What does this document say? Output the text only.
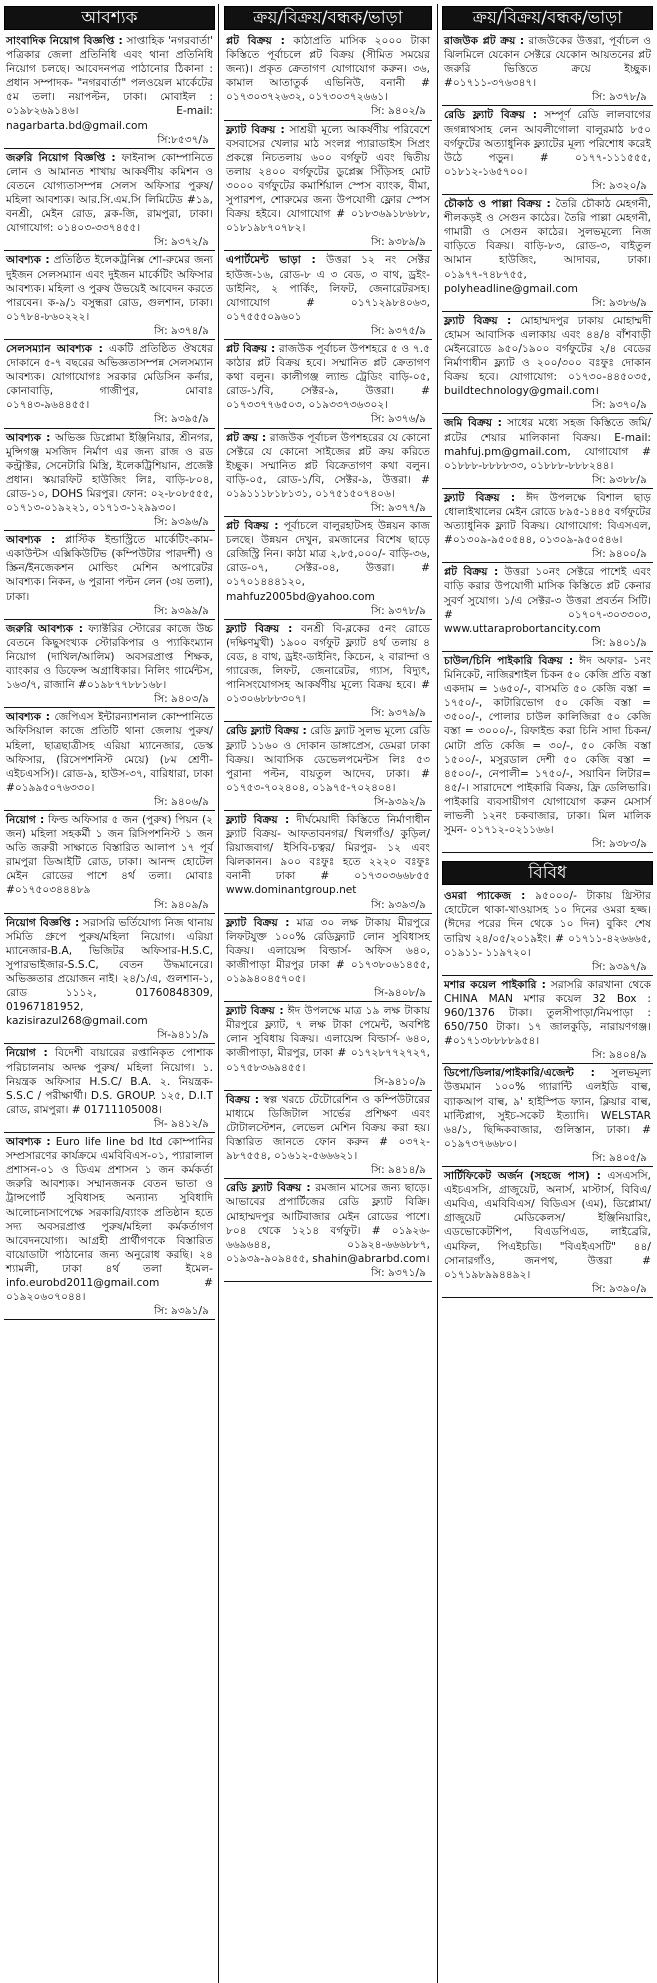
আবশ্যক
সাংবাদিক নিয়োগ বিজ্ঞপ্তি : সাপ্তাহিক 'নগরবার্তা' পত্রিকার জেলা প্রতিনিধি এবং থানা প্রতিনিধি নিয়োগ চলছে। আবেদনপত্র পাঠানোর ঠিকানা : প্রধান সম্পাদক- "নগরবার্তা" পলওয়েল মার্কেটের ৫ম তলা। নয়াপল্টন, ঢাকা। মোবাইল : ০১৯৮২৬৯১৪৬। E-mail: nagarbarta.bd@gmail.com
সি:৮৫৩৭/৯
জরুরি নিয়োগ বিজ্ঞপ্তি : ফাইনান্স কোম্পানিতে লোন ও আমানত শাখায় আকর্ষণীয় কমিশন ও বেতনে যোগ্যতাসম্পন্ন সেলস অফিসার পুরুষ/ মহিলা আবশ্যক। আর.সি.এম.সি লিমিটেড #১৯, বনশ্রী, মেইন রোড, ব্লক-জি, রামপুরা, ঢাকা। যোগাযোগ: ০১৪০৩-৩৩৭৪৫৫।
সি: ৯৩৭২/৯
আবশ্যক : প্রতিষ্ঠিত ইলেকট্রনিক্স শো-রুমের জন্য দুইজন সেলসম্যান এবং দুইজন মার্কেটিং অফিসার আবশ্যক। মহিলা ও পুরুষ উভয়েই আবেদন করতে পারবেন। ক-৯/১ বসুন্ধরা রোড, গুলশান, ঢাকা। ০১৭৮৪-৮৬০২২২।
সি: ৯৩৭৪/৯
সেলসম্যান আবশ্যক : একটি প্রতিষ্ঠিত ঔষধের দোকানে ৫-৭ বছরের অভিজ্ঞতাসম্পন্ন সেলসম্যান আবশ্যক। যোগাযোগঃ সরকার মেডিসিন কর্নার, কোনাবাড়ি, গাজীপুর, মোবাঃ ০১৭৪৩-৯৬৪৪৫৫।
সি: ৯৩৯৫/৯
আবশ্যক : অভিজ্ঞ ডিপ্লোমা ইঞ্জিনিয়ার, শ্রীনগর, মুন্সিগঞ্জ মসজিদ নির্মাণ এর জন্য রাজ ও রড কন্ট্রাক্টর, সেনেটারি মিস্ত্রি, ইলেকট্রিশিয়ান, প্রজেক্ট প্রধান। স্কয়ারফিট হাউজিং লিঃ, বাড়ি-৮০৪, রোড-১০, DOHS মিরপুর। ফোন: ০২-৮০৮৫৫৫, ০১৭১৩-০১৯২২১, ০১৭১৩-১২৯৯৩০।
সি: ৯৩৯৬/৯
আবশ্যক : প্লাস্টিক ইন্ডাস্ট্রিতে মার্কেটিং-কাম-একাউন্টস এক্সিকিউটিভ (কম্পিউটার পারদর্শী) ও স্ক্রিন/ইনজেকশন মোল্ডিং মেশিন অপারেটর আবশ্যক। নিকন, ৬ পুরানা পল্টন লেন (৩য় তলা), ঢাকা।
সি: ৯৩৯৯/৯
জরুরি আবশ্যক : ফ্যাক্টরির স্টোরের কাজে উচ্চ বেতনে কিছুসংখ্যক স্টোরকিপার ও প্যাকিংম্যান নিয়োগ (দাখিল/আলিম) অবসরপ্রাপ্ত শিক্ষক, ব্যাংকার ও ডিফেন্স অগ্রাধিকার। নিলিং গার্মেন্টস, ১৬৩/৭, রাজানি #০১৯৮৭৭৮৮১৬৮।
সি: ৯৪০৩/৯
আবশ্যক : জেপিএস ইন্টারন্যাশনাল কোম্পানিতে অফিসিয়াল কাজে প্রতিটি থানা জেলায় পুরুষ/মহিলা, ছাত্রছাত্রীসহ এরিয়া ম্যানেজার, ডেস্ক অফিসার, (রিসেপশনিস্ট মেয়ে) (৮ম শ্রেণী-এইচএসসি)। রোড-৯, হাউস-৩৭, বারিধারা, ঢাকা #০১৯৯৫০৭৬৩৩০।
সি: ৯৪০৬/৯
নিয়োগ : ফিল্ড অফিসার ৫ জন (পুরুষ) পিয়ন (২ জন) মহিলা সহকর্মী ১ জন রিসিপশনিস্ট ১ জন অতি জরুরী সাক্ষাতে বিস্তারিত আলাপ ১৭ পূর্ব রামপুরা ডিআইটি রোড, ঢাকা। আনন্দ হোটেল মেইন রোডের পাশে ৪র্থ তলা। মোবাঃ #০১৭৫০৩৪৪৪৮৯
সি: ৯৪০৯/৯
নিয়োগ বিজ্ঞপ্তি : সরাসরি ভর্তিযোগ্য নিজ থানায় সমিতি গ্রুপে পুরুষ/মহিলা নিয়োগ। এরিয়া ম্যানেজার-B.A, ভিজিটর অফিসার-H.S.C, সুপারভাইজার-S.S.C, বেতন উদ্ধমানেরে। অভিজ্ঞতার প্রয়োজন নাই। ২৪/১/এ, গুলশান-১, রোড ১১১২, 01760848309, 01967181952, kazisirazul268@gmail.com
সি-৯৪১১/৯
নিয়োগ : বিদেশী বায়ারের রপ্তানিকৃত পোশাক পরিচালনায় অদক্ষ পুরুষ/ মহিলা নিয়োগ। ১. নিয়ন্ত্রক অফিসার H.S.C/ B.A. ২. নিয়ন্ত্রক- S.S.C / পরীক্ষার্থী। D.S. GROUP. ১২৫, D.I.T রোড, রামপুরা। # 01711105008।
সি- ৯৪১২/৯
আবশ্যক : Euro life line bd ltd কোম্পানির সম্প্রসারণের কার্যক্রমে এমবিবিএস-০১, প্যারালাল প্রশাসন-০১ ও ডিএম প্রশাসন ১ জন কর্মকর্তা জরুরি আবশ্যক। সম্মানজনক বেতন ভাতা ও ট্রান্সপোর্ট সুবিধাসহ অন্যান্য সুবিধাদি আলোচনাসাপেক্ষে সরকারি/ব্যাংক প্রতিষ্ঠান হতে সদ্য অবসরপ্রাপ্ত পুরুষ/মহিলা কর্মকর্তাগণ আবেদনযোগ্য। আগ্রহী প্রার্থীগণকে বিস্তারিত বায়োডাটা পাঠানোর জন্য অনুরোধ করছি। ২৪ শ্যামলী, ঢাকা ৪র্থ তলা ইমেল- info.eurobd2011@gmail.com # ০১৯২০৬০৭০৪৪।
সি: ৯৩৯১/৯
ক্রয়/বিক্রয়/বন্ধক/ভাড়া
প্লট বিক্রয় : কাঠাপ্রতি মাসিক ২০০০ টাকা কিস্তিতে পূর্বাচলে প্লট বিক্রয় (সীমিত সময়ের জন্য)। প্রকৃত ক্রেতাগণ যোগাযোগ করুন। ৩৬, কামাল আতাতুর্ক এভিনিউ, বনানী # ০১৭৩০৩৭২৬৩২, ০১৭৩০৩৭২৬৬১।
সি: ৯৪০২/৯
ফ্ল্যাট বিক্রয় : সাশ্রয়ী মূল্যে আকর্ষণীয় পরিবেশে বসবাসের খেলার মাঠ সংলগ্ন প্যারাডাইস সিপ্রং প্রকল্পে নিচতলায় ৬০০ বর্গফুট এবং দ্বিতীয় তলায় ২৪০০ বর্গফুটের ডুপ্লেক্স সিঁড়িসহ মোট ৩০০০ বর্গফুটের কমার্শিয়াল স্পেস ব্যাংক, বীমা, সুপারশপ, শোরুমের জন্য উপযোগী ফ্লোর স্পেস বিক্রয় হইবে। যোগাযোগ # ০১৮৩৬৯১৮৬৮৮, ০১৮১৯৮৭০৭৮২।
সি: ৯৩৮৯/৯
এপার্টমেন্ট ভাড়া : উত্তরা ১২ নং সেক্টর হাউজ-১৬, রোড-৮ এ ৩ বেড, ৩ বাথ, ড্রইং-ডাইনিং, ২ পার্কিং, লিফট, জেনারেটরসহ। যোগাযোগ # ০১৭১২৯৮৪০৬৩, ০১৭৫৫৫০৯৬০১
সি: ৯৩৭৫/৯
প্লট বিক্রয় : রাজউক পূর্বাচল উপশহরে ৫ ও ৭.৫ কাঠার প্লট বিক্রয় হবে। সম্মানিত প্লট ক্রেতাগণ কথা বলুন। কালীগঞ্জ ল্যান্ড ট্রেডিং বাড়ি-০৫, রোড-১/বি, সেক্টর-৯, উত্তরা। # ০১৭৩৩৭৭৬৫০৩, ০১৯৩৩৭৩৬৩০২।
সি: ৯৩৭৬/৯
প্লট ক্রয় : রাজউক পূর্বাচল উপশহরের যে কোনো সেক্টরে যে কোনো সাইজের প্লট ক্রয় করিতে ইচ্ছুক। সম্মানিত প্লট বিক্রেতাগণ কথা বলুন। বাড়ি-০৫, রোড-১/বি, সেক্টর-৯, উত্তরা। # ০১৯১১১৮১৮১৩১, ০১৭৫১৫০৭৪০৬।
সি: ৯৩৭৭/৯
প্লট বিক্রয় : পূর্বাচলে বালুরহাটসহ উন্নয়ন কাজ চলছে। উন্নয়ন দেখুন, রমজানের বিশেষ ছাড়ে রেজিস্ট্রি নিন। কাঠা মাত্র ২,৮৫,০০০/- বাড়ি-৩৬, রোড-০৭, সেক্টর-০৪, উত্তরা। # ০১৭০১৪৪৪১২০, mahfuz2005bd@yahoo.com
সি: ৯৩৭৮/৯
ফ্ল্যাট বিক্রয় : বনশ্রী বি-ব্লকের ৫নং রোডে (দক্ষিণমুখী) ১৯০০ বর্গফুট ফ্ল্যাট ৪র্থ তলায় ৪ বেড, ৪ বাথ, ড্রইং-ডাইনিং, কিচেন, ২ বারান্দা ও গ্যারেজ, লিফট, জেনারেটর, গ্যাস, বিদ্যুৎ, পানিসংযোগসহ আকর্ষণীয় মূল্যে বিক্রয় হবে। # ০১৩০৬৮৮৮৩০৭।
সি: ৯৩৭৯/৯
রেডি ফ্ল্যাট বিক্রয় : রেডি ফ্ল্যাট সুলভ মূল্যে রেডি ফ্ল্যাট ১১৬০ ও দোকান ডাঙ্গাপ্রেস, ডেমরা ঢাকা বিক্রয়। আবাসিক ডেভেলপমেন্টস লিঃ ৫৩ পুরানা পল্টন, বায়তুল আদেব, ঢাকা। # ০১৭৫৩-৭০২৪০৪, ০১৯৭৫-৭০২৪০৪।
সি-৯৩৯২/৯
ফ্ল্যাট বিক্রয় : দীর্ঘমেয়াদী কিস্তিতে নির্মাণাধীন ফ্ল্যাট বিক্রয়- আফতাবনগর/ খিলগাঁও/ কুড়িল/ রিয়াজবাগ/ ইসিবি-চত্বর/ মিরপুর- ১২ এবং ঝিলকানন। ৯০০ বঃফুঃ হতে ২২২০ বঃফুঃ বনানী ঢাকা # ০১৭৩০৩৬৬৮৫৫ www.dominantgroup.net
সি: ৯৩৯৩/৯
ফ্ল্যাট বিক্রয় : মাত্র ৩০ লক্ষ টাকায় মীরপুরে লিফটযুক্ত ১০০% রেডিফ্ল্যাট লোন সুবিধাসহ বিক্রয়। এলায়েন্স বিল্ডার্স- অফিস ৬৪০, কাজীপাড়া মীরপুর ঢাকা # ০১৭৩৮০৬১৪৫৫, ০১৯৯৪০৪৫৭০৫।
সি-৯৪০৮/৯
ফ্ল্যাট বিক্রয় : ঈদ উপলক্ষে মাত্র ১৯ লক্ষ টাকায় মীরপুরে ফ্ল্যাট, ৭ লক্ষ টাকা পেমেন্ট, অবশিষ্ট লোন সুবিধায় বিক্রয়। এলায়েন্স বিল্ডার্স- ৬৪০, কাজীপাড়া, মীরপুর, ঢাকা # ০১৭২৮৭৭২৭২৭, ০১৭৫৮৩৬৯৪৫৫।
সি-৯৪১০/৯
বিক্রয় : স্বল্প খরচে টেটোরেশিন ও কম্পিউটারের মাধ্যমে ডিজিটাল সার্ভের প্রশিক্ষণ এবং টোটালস্টেশন, লেভেল মেশিন বিক্রয় করা হয়। বিস্তারিত জানতে ফোন করুন # ০৩৭২- ৯৮৭৫৫৪, ০১৬১২-৫৬৬৬২১।
সি: ৯৪১৪/৯
রেডি ফ্ল্যাট বিক্রয় : রমজান মাসের জন্য ছাড়ে। আভাবের প্রপার্টিজের রেডি ফ্ল্যাট বিক্রি। মোহাম্মদপুর আটিবাজার মেইন রোডের পাশে। ৮০৪ থেকে ১২১৪ বর্গফুট। # ০১৯২৬- ৬৬৯৬৪৪, ০১৯২৪-৬৬৬৮৮৭, ০১৯৩৯-৯০৯৪৫৫, shahin@abrarbd.com।
সি: ৯৩৭১/৯
ক্রয়/বিক্রয়/বন্ধক/ভাড়া
রাজউক প্লট ক্রয় : রাজউকের উত্তরা, পূর্বাচল ও ঝিলমিলে যেকোন সেক্টরে যেকোন আয়তনের প্লট জরুরি ভিত্তিতে ক্রয়ে ইচ্ছুক। #০১৭১১-৩৭৬৩৪৭।
সি: ৯৩৭৮/৯
রেডি ফ্ল্যাট বিক্রয় : সম্পূর্ণ রেডি লালবাগের জগন্নাথসাহ লেন আবলীগোলা বালুরমাঠ ৮৫০ বর্গফুটের অত্যাধুনিক ফ্ল্যাটের মূল্য পরিশোধ করেই উঠে পড়ুন। # ০১৭৭-১১১৫৫৫, ০১৮১২-১৬৫৭০০।
সি: ৯৩২০/৯
চৌকাঠ ও পাল্লা বিক্রয় : তৈরি চৌকাঠ মেহগনী, শীলকড়ই ও সেগুন কাঠের। তৈরি পাল্লা মেহগনী, গামারী ও সেগুন কাঠের। সুলভমূল্যে নিজ বাড়িতে বিক্রয়। বাড়ি-৮৩, রোড-৩, বাইতুল আমান হাউজিং, আদাবর, ঢাকা। ০১৯৭৭-৭৪৮৭৫৫, polyheadline@gmail.com
সি: ৯৩৮৬/৯
ফ্ল্যাট বিক্রয় : মোহাম্মদপুর ঢাকায় মোহাম্মদী হোমস আবাসিক এলাকায় এবং ৪৪/৪ বাঁশবাড়ী মেইনরোডে ৯৫০/১৯০০ বর্গফুটের ২/৪ বেডের নির্মাণাধীন ফ্ল্যাট ও ২০০/৩০০ বঃফুঃ দোকান বিক্রয় হবে। যোগাযোগ: ০১৭৩০-৪৪৫০৩৫, buildtechnology@gmail.com।
সি: ৯৩৭০/৯
জমি বিক্রয় : সাধের মধ্যে সহজ কিস্তিতে জমি/প্লটের শেয়ার মালিকানা বিক্রয়। E-mail: mahfuj.pm@gmail.com, যোগাযোগ # ০১৮৮৮-৮৮৮৮৩৩, ০১৮৮৮-৮৮৮২৪৪।
সি: ৯৩৮৮/৯
ফ্ল্যাট বিক্রয় : ঈদ উপলক্ষে বিশাল ছাড় ধোলাইখালের মেইন রোডে ৮৯৫-১৪৪৫ বর্গফুটের অত্যাধুনিক ফ্ল্যাট বিক্রয়। যোগাযোগ: বিএসএল, #০১৩০৯-৯৫০৫৪৪, ০১৩০৯-৯৫০৫৪৬।
সি: ৯৪০০/৯
প্লট বিক্রয় : উত্তরা ১০নং সেক্টরে পাশেই এবং বাড়ি করার উপযোগী মাসিক কিস্তিতে প্লট কেনার সুবর্ণ সুযোগ। ১/এ সেক্টর-৩ উত্তরা প্রবর্তন সিটি। # ০১৭০৭-৩০৩৩০৩, www.uttaraprobortancity.com
সি: ৯৪০১/৯
চাউল/চিনি পাইকারি বিক্রয় : ঈদ অফার- ১নং মিনিকেট, নাজিরশাইল চিকন ৫০ কেজি প্রতি বস্তা একদাম = ১৬৫০/-, বাসমতি ৫০ কেজি বস্তা = ১৭৫০/-, কাটারিভোগ ৫০ কেজি বস্তা = ৩৫০০/-, পোলার চাউল কালিজিরা ৫০ কেজি বস্তা = ৩০০০/-, রিফাইন্ড করা চিনি সাদা চিকন/মোটা প্রতি কেজি = ৩০/-, ৫০ কেজি বস্তা ১৫০০/-, মসুরডাল দেশী ৫০ কেজি বস্তা = ৪৫০০/-, নেপালী= ১৭৫০/-, সয়াবিন লিটার= ৪৫/-। সারাদেশে পাইকারি বিক্রয়, ফ্রি ডেলিভারি। পাইকারি ব্যবসায়ীগণ যোগাযোগ করুন মেসার্স লাভলী ১২নং চকবাজার, ঢাকা। মিল মালিক সুমন- ০১৭১২-০২১১৬৬।
সি: ৯৩৮৩/৯
বিবিধ
ওমরা প্যাকেজ : ৯৫০০০/- টাকায় থ্রিস্টার হোটেলে থাকা-খাওয়াসহ ১০ দিনের ওমরা হজ্জ। (ঈদের পরের দিন থেকে ১০ দিন) বুকিং শেষ তারিখ ২৪/০৫/২০১৯ইং। # ০১৭১১-৪২৬৬৬৫, ০১৯১১- ১১৯৭২০।
সি: ৯৩৯৭/৯
মশার কয়েল পাইকারি : সরাসরি কারখানা থেকে CHINA MAN মশার কয়েল 32 Box : 960/1376 টাকা। তুলসীপাড়া/নিমপাড়া : 650/750 টাকা। ১৭ জালকুড়ি, নারায়ণগঞ্জ। #০১৭১৩৮৮৮৮৯৫৪।
সি: ৯৪০৪/৯
ডিপো/ডিলার/পাইকারি/এজেন্ট : সুলভমূল্য উত্তমমান ১০০% গ্যারান্টি এলইডি বাল্ব, ব্যাকআপ বাল্ব, ৯' হাইস্পিড ফ্যান, ক্লিয়ার বাল্ব, মাল্টিপ্লাগ, সুইচ-সকেট ইত্যাদি। WELSTAR ৬৪/১, ছিদ্দিকবাজার, গুলিস্তান, ঢাকা। # ০১৯৭৩৭৬৬৮০।
সি: ৯৪০৫/৯
সার্টিফিকেট অর্জন (সহজে পাস) : এসএসসি, এইচএসসি, গ্রাজুয়েট, অনার্স, মাস্টার্স, বিবিএ/এমবিএ, এমবিবিএস/ বিডিএস (এম), ডিপ্লোমা/ গ্রাজুয়েট মেডিকেলস/ ইঞ্জিনিয়ারিং, এডভোকেটশিপ, বিএডপিএড, লাইব্রেরি, এমফিল, পিএইচডি। "বিএইএসটি" ৪৪/ সোনারগাঁও, জনপথ, উত্তরা # ০১৭১৯৮৯৯৪৪৯২।
সি: ৯৩৯০/৯
